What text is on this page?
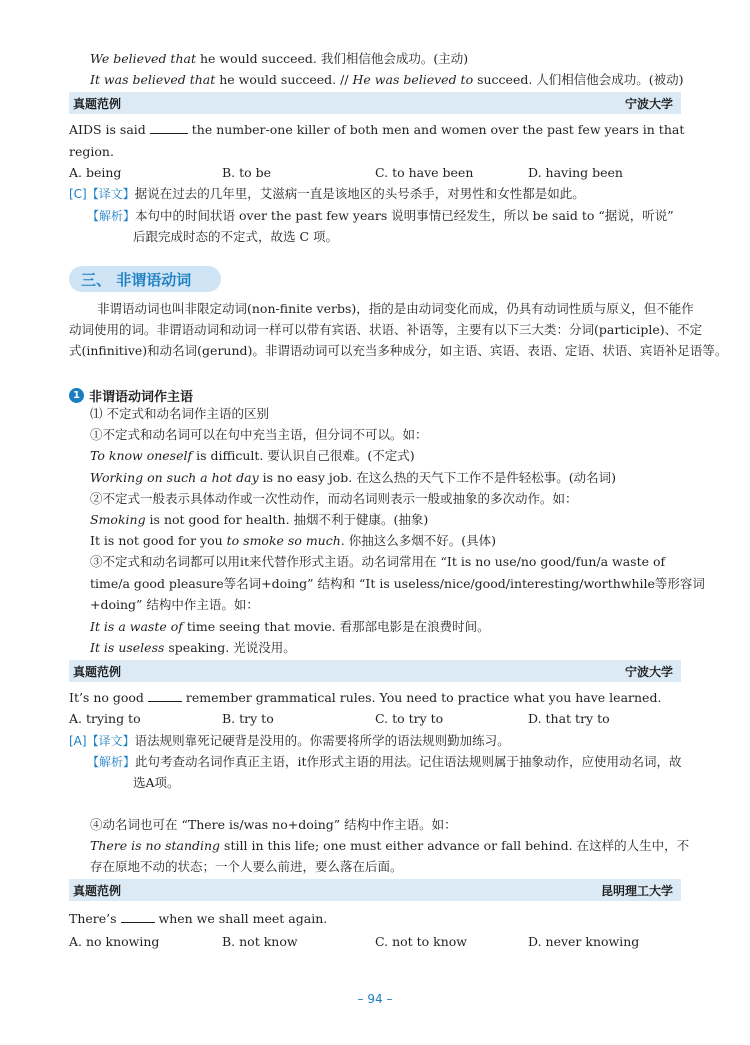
We believed that he would succeed. 我们相信他会成功。(主动)
It was believed that he would succeed. // He was believed to succeed. 人们相信他会成功。(被动)
真题范例	宁波大学
AIDS is said	the number-one killer of both men and women over the past few years in that
region.
A. being	B. to be	C. to have been	D. having been
[C]【译文】据说在过去的几年里，艾滋病一直是该地区的头号杀手，对男性和女性都是如此。
【解析】本句中的时间状语 over the past few years 说明事情已经发生，所以 be said to “据说，听说”
后跟完成时态的不定式，故选 C 项。
三、 非谓语动词
非谓语动词也叫非限定动词(non-finite verbs)，指的是由动词变化而成，仍具有动词性质与原义，但不能作
动词使用的词。非谓语动词和动词一样可以带有宾语、状语、补语等，主要有以下三大类：分词(participle)、不定
式(infinitive)和动名词(gerund)。非谓语动词可以充当多种成分，如主语、宾语、表语、定语、状语、宾语补足语等。
1 非谓语动词作主语
⑴ 不定式和动名词作主语的区别
①不定式和动名词可以在句中充当主语，但分词不可以。如：
To know oneself is difficult. 要认识自己很难。(不定式)
Working on such a hot day is no easy job. 在这么热的天气下工作不是件轻松事。(动名词)
②不定式一般表示具体动作或一次性动作，而动名词则表示一般或抽象的多次动作。如：
Smoking is not good for health. 抽烟不利于健康。(抽象)
It is not good for you to smoke so much. 你抽这么多烟不好。(具体)
③不定式和动名词都可以用it来代替作形式主语。动名词常用在 “It is no use/no good/fun/a waste of
time/a good pleasure等名词+doing” 结构和 “It is useless/nice/good/interesting/worthwhile等形容词
+doing” 结构中作主语。如：
It is a waste of time seeing that movie. 看那部电影是在浪费时间。
It is useless speaking. 光说没用。
真题范例	宁波大学
It’s no good	remember grammatical rules. You need to practice what you have learned.
A. trying to	B. try to	C. to try to	D. that try to
[A]【译文】语法规则靠死记硬背是没用的。你需要将所学的语法规则勤加练习。
【解析】此句考查动名词作真正主语，it作形式主语的用法。记住语法规则属于抽象动作，应使用动名词，故
选A项。
④动名词也可在 “There is/was no+doing” 结构中作主语。如：
There is no standing still in this life; one must either advance or fall behind. 在这样的人生中，不
存在原地不动的状态；一个人要么前进，要么落在后面。
真题范例	昆明理工大学
There’s	when we shall meet again.
A. no knowing	B. not know	C. not to know	D. never knowing
– 94 –
